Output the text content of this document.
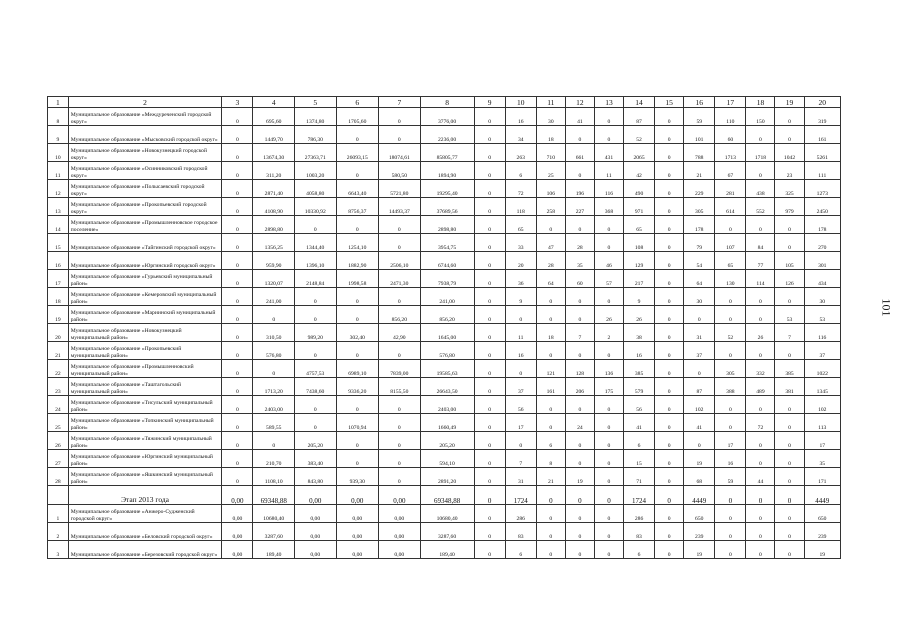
1	2	3	4	5	6	7	8	9	10	11	12	13	14	15	16	17	18	19	20
8	Муниципальное образование «Междуреченский городской округ»	0	695,60	1374,80	1705,60	0	3776,00	0	16	30	41	0	87	0	59	110	150	0	319
9	Муниципальное образование «Мысковский городской округ»	0	1449,70	786,30	0	0	2236,00	0	34	18	0	0	52	0	101	60	0	0	161
10	Муниципальное образование «Новокузнецкий городской округ»	0	13674,30	27363,71	26093,15	18074,61	85805,77	0	263	710	661	431	2065	0	788	1713	1718	1042	5261
11	Муниципальное образование «Осинниковский городской округ»	0	311,20	1003,20	0	580,50	1894,90	0	6	25	0	11	42	0	21	67	0	23	111
12	Муниципальное образование «Полысаевский городской округ»	0	2871,40	4058,80	6643,40	5721,80	19295,40	0	72	106	196	116	490	0	229	281	438	325	1273
13	Муниципальное образование «Прокопьевский городской округ»	0	4108,90	10330,92	8756,37	14493,37	37689,56	0	118	258	227	368	971	0	305	614	552	979	2450
14	Муниципальное образование «Промышленновское городское поселение»	0	2898,80	0	0	0	2898,80	0	65	0	0	0	65	0	178	0	0	0	178
15	Муниципальное образование «Тайгинский городской округ»	0	1356,25	1344,40	1254,10	0	3954,75	0	33	47	28	0	108	0	79	107	84	0	270
16	Муниципальное образование «Юргинский городской округ»	0	959,90	1396,10	1882,90	2506,10	6744,60	0	20	28	35	46	129	0	54	65	77	105	301
17	Муниципальное образование «Гурьевский муниципальный район»	0	1320,07	2148,84	1998,58	2471,30	7938,79	0	36	64	60	57	217	0	64	130	114	126	434
18	Муниципальное образование «Кемеровский муниципальный район»	0	241,00	0	0	0	241,00	0	9	0	0	0	9	0	30	0	0	0	30
19	Муниципальное образование «Мариинский муниципальный район»	0	0	0	0	856,20	856,20	0	0	0	0	26	26	0	0	0	0	53	53
20	Муниципальное образование «Новокузнецкий муниципальный район»	0	310,50	989,20	302,40	42,90	1645,00	0	11	18	7	2	38	0	31	52	26	7	116
21	Муниципальное образование «Прокопьевский муниципальный район»	0	576,80	0	0	0	576,80	0	16	0	0	0	16	0	37	0	0	0	37
22	Муниципальное образование «Промышленновский муниципальный район»	0	0	4757,53	6989,10	7839,00	19585,63	0	0	121	128	136	385	0	0	305	332	385	1022
23	Муниципальное образование «Таштагольский муниципальный район»	0	1713,20	7438,60	9336,20	8155,50	26643,50	0	37	161	206	175	579	0	87	388	489	381	1345
24	Муниципальное образование «Тисульский муниципальный район»	0	2403,00	0	0	0	2403,00	0	56	0	0	0	56	0	102	0	0	0	102
25	Муниципальное образование «Топкинский муниципальный район»	0	589,55	0	1070,94	0	1660,49	0	17	0	24	0	41	0	41	0	72	0	113
26	Муниципальное образование «Тяжинский муниципальный район»	0	0	205,20	0	0	205,20	0	0	6	0	0	6	0	0	17	0	0	17
27	Муниципальное образование «Юргинский муниципальный район»	0	210,70	383,40	0	0	594,10	0	7	8	0	0	15	0	19	16	0	0	35
28	Муниципальное образование «Яшкинский муниципальный район»	0	1108,10	843,80	939,30	0	2891,20	0	31	21	19	0	71	0	68	59	44	0	171
	Этап 2013 года	0,00	69348,88	0,00	0,00	0,00	69348,88	0	1724	0	0	0	1724	0	4449	0	0	0	4449
1	Муниципальное образование «Анжеро-Судженский городской округ»	0,00	10680,40	0,00	0,00	0,00	10680,40	0	286	0	0	0	286	0	650	0	0	0	650
2	Муниципальное образование «Беловский городской округ»	0,00	3287,60	0,00	0,00	0,00	3287,60	0	83	0	0	0	83	0	239	0	0	0	239
3	Муниципальное образование «Березовский городской округ»	0,00	189,40	0,00	0,00	0,00	189,40	0	6	0	0	0	6	0	19	0	0	0	19
101
